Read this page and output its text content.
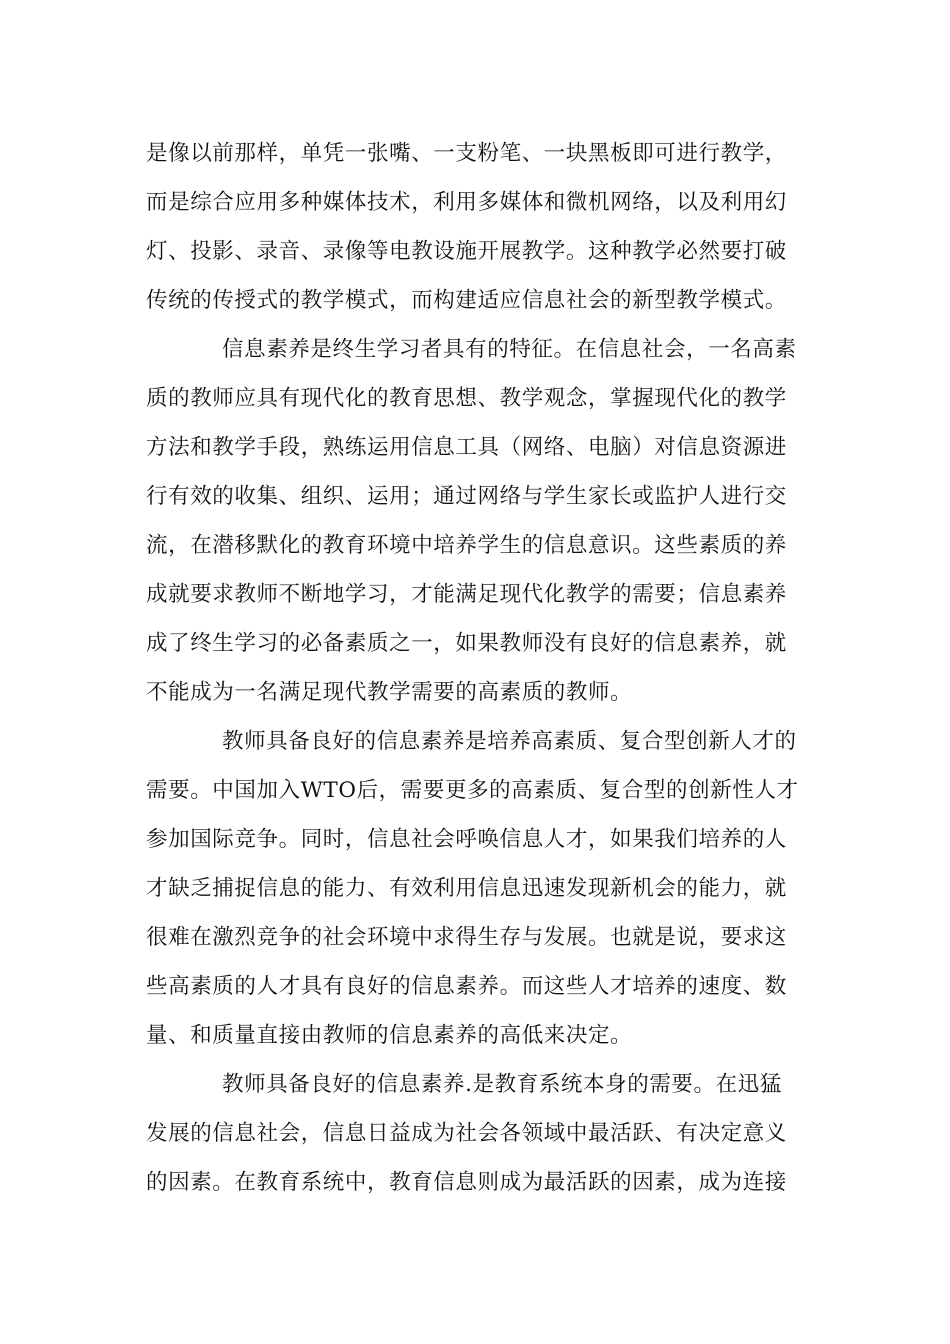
是像以前那样，单凭一张嘴、一支粉笔、一块黑板即可进行教学，

而是综合应用多种媒体技术，利用多媒体和微机网络，以及利用幻

灯、投影、录音、录像等电教设施开展教学。这种教学必然要打破

传统的传授式的教学模式，而构建适应信息社会的新型教学模式。

信息素养是终生学习者具有的特征。在信息社会，一名高素

质的教师应具有现代化的教育思想、教学观念，掌握现代化的教学

方法和教学手段，熟练运用信息工具（网络、电脑）对信息资源进

行有效的收集、组织、运用；通过网络与学生家长或监护人进行交

流，在潜移默化的教育环境中培养学生的信息意识。这些素质的养

成就要求教师不断地学习，才能满足现代化教学的需要；信息素养

成了终生学习的必备素质之一，如果教师没有良好的信息素养，就

不能成为一名满足现代教学需要的高素质的教师。

教师具备良好的信息素养是培养高素质、复合型创新人才的

需要。中国加入WTO后，需要更多的高素质、复合型的创新性人才

参加国际竞争。同时，信息社会呼唤信息人才，如果我们培养的人

才缺乏捕捉信息的能力、有效利用信息迅速发现新机会的能力，就

很难在激烈竞争的社会环境中求得生存与发展。也就是说，要求这

些高素质的人才具有良好的信息素养。而这些人才培养的速度、数

量、和质量直接由教师的信息素养的高低来决定。

教师具备良好的信息素养.是教育系统本身的需要。在迅猛

发展的信息社会，信息日益成为社会各领域中最活跃、有决定意义

的因素。在教育系统中，教育信息则成为最活跃的因素，成为连接
